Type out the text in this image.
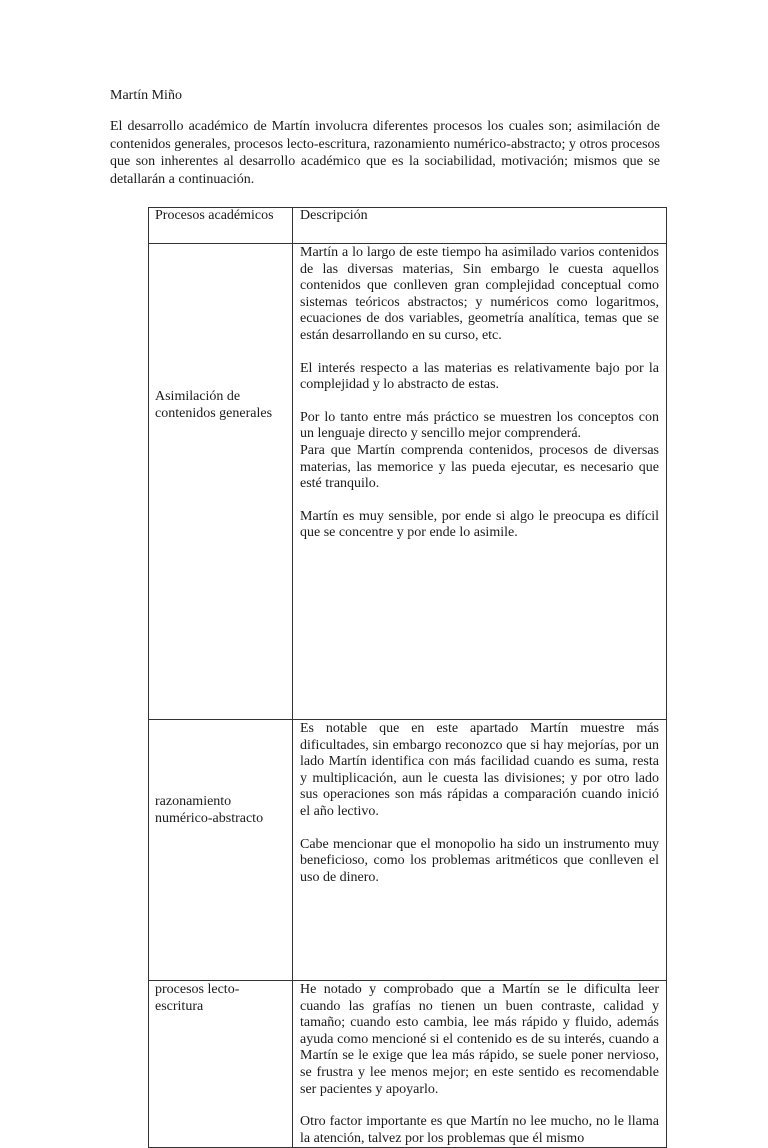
Martín Miño

El desarrollo académico de Martín involucra diferentes procesos los cuales son; asimilación de contenidos generales, procesos lecto-escritura, razonamiento numérico-abstracto; y otros procesos que son inherentes al desarrollo académico que es la sociabilidad, motivación; mismos que se detallarán a continuación.

Procesos académicos	Descripción
Asimilación de contenidos generales	Martín a lo largo de este tiempo ha asimilado varios contenidos de las diversas materias, Sin embargo le cuesta aquellos contenidos que conlleven gran complejidad conceptual como sistemas teóricos abstractos; y numéricos como logaritmos, ecuaciones de dos variables, geometría analítica, temas que se están desarrollando en su curso, etc.

El interés respecto a las materias es relativamente bajo por la complejidad y lo abstracto de estas.

Por lo tanto entre más práctico se muestren los conceptos con un lenguaje directo y sencillo mejor comprenderá.

Para que Martín comprenda contenidos, procesos de diversas materias, las memorice y las pueda ejecutar, es necesario que esté tranquilo.

Martín es muy sensible, por ende si algo le preocupa es difícil que se concentre y por ende lo asimile.

razonamiento numérico-abstracto	Es notable que en este apartado Martín muestre más dificultades, sin embargo reconozco que si hay mejorías, por un lado Martín identifica con más facilidad cuando es suma, resta y multiplicación, aun le cuesta las divisiones; y por otro lado sus operaciones son más rápidas a comparación cuando inició el año lectivo.

Cabe mencionar que el monopolio ha sido un instrumento muy beneficioso, como los problemas aritméticos que conlleven el uso de dinero.

procesos lecto-escritura	He notado y comprobado que a Martín se le dificulta leer cuando las grafías no tienen un buen contraste, calidad y tamaño; cuando esto cambia, lee más rápido y fluido, además ayuda como mencioné si el contenido es de su interés, cuando a Martín se le exige que lea más rápido, se suele poner nervioso, se frustra y lee menos mejor; en este sentido es recomendable ser pacientes y apoyarlo.

Otro factor importante es que Martín no lee mucho, no le llama la atención, talvez por los problemas que él mismo
